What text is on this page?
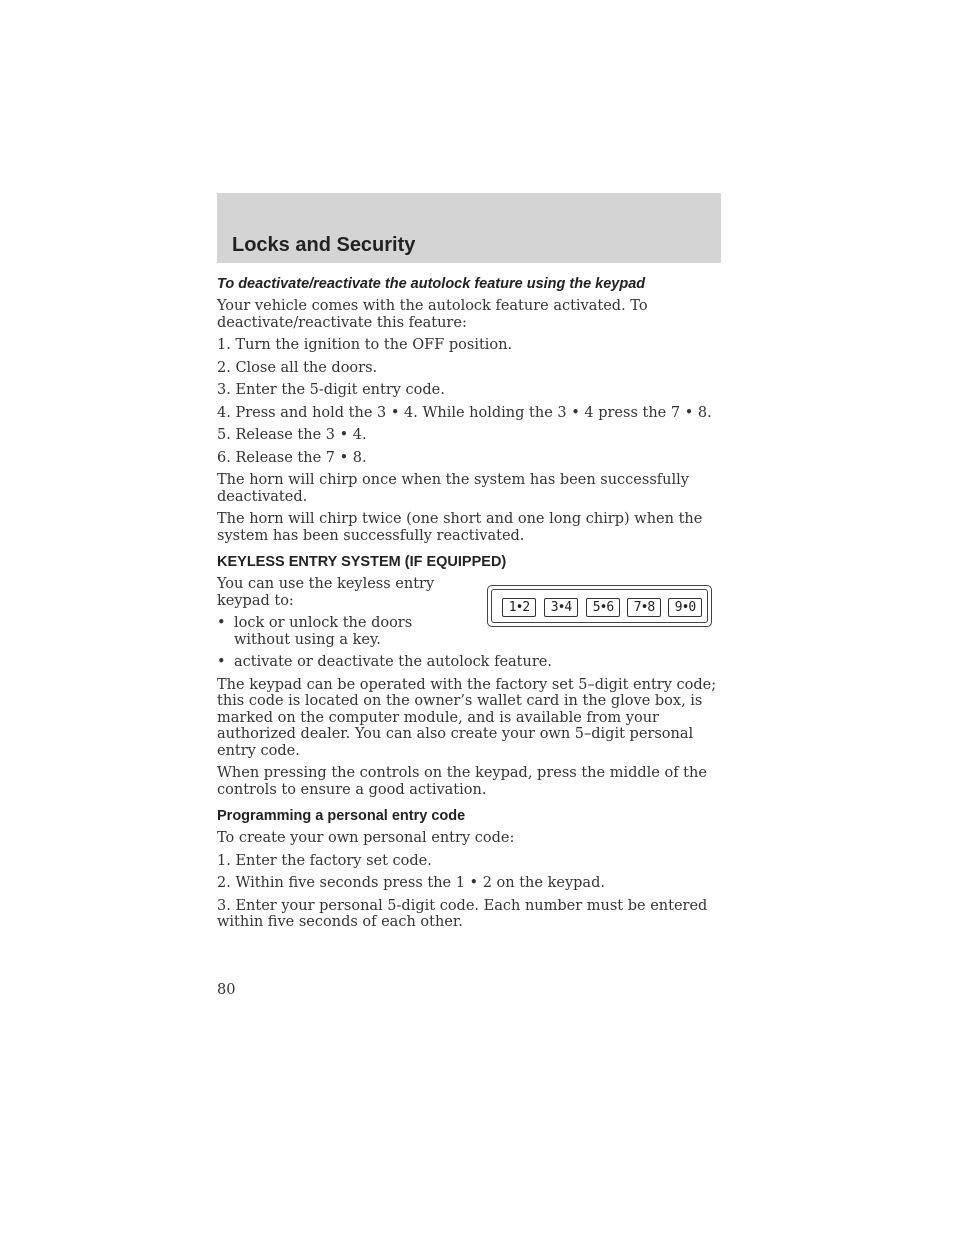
Locks and Security
To deactivate/reactivate the autolock feature using the keypad

Your vehicle comes with the autolock feature activated. To deactivate/reactivate this feature:

1. Turn the ignition to the OFF position.

2. Close all the doors.

3. Enter the 5-digit entry code.

4. Press and hold the 3 • 4. While holding the 3 • 4 press the 7 • 8.

5. Release the 3 • 4.

6. Release the 7 • 8.

The horn will chirp once when the system has been successfully deactivated.

The horn will chirp twice (one short and one long chirp) when the system has been successfully reactivated.

KEYLESS ENTRY SYSTEM (IF EQUIPPED)

You can use the keyless entry keypad to:

• lock or unlock the doors without using a key.
• activate or deactivate the autolock feature.

The keypad can be operated with the factory set 5–digit entry code; this code is located on the owner’s wallet card in the glove box, is marked on the computer module, and is available from your authorized dealer. You can also create your own 5–digit personal entry code.

When pressing the controls on the keypad, press the middle of the controls to ensure a good activation.

Programming a personal entry code

To create your own personal entry code:

1. Enter the factory set code.

2. Within five seconds press the 1 • 2 on the keypad.

3. Enter your personal 5-digit code. Each number must be entered within five seconds of each other.

1•2	3•4	5•6	7•8	9•0
80
